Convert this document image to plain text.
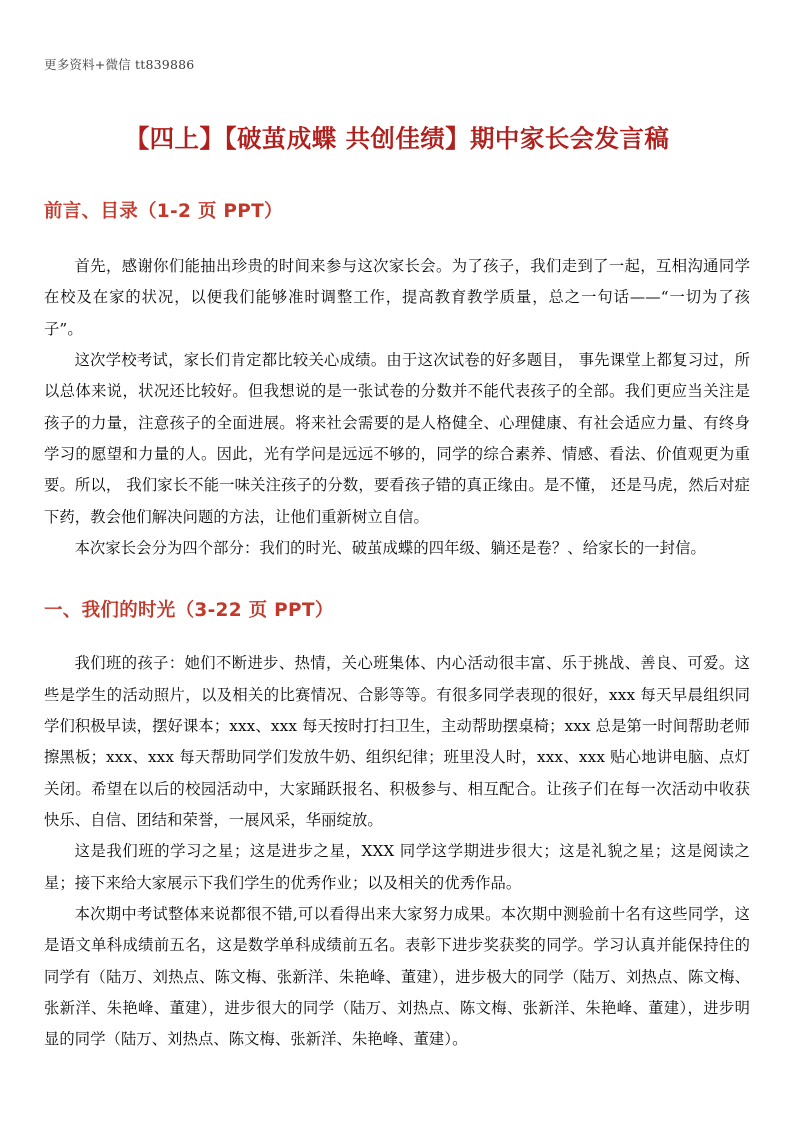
更多资料+微信 tt839886
【四上】【破茧成蝶 共创佳绩】期中家长会发言稿
前言、目录（1-2 页 PPT）

首先，感谢你们能抽出珍贵的时间来参与这次家长会。为了孩子，我们走到了一起，互相沟通同学在校及在家的状况，以便我们能够准时调整工作，提高教育教学质量，总之一句话——“一切为了孩子”。

这次学校考试，家长们肯定都比较关心成绩。由于这次试卷的好多题目， 事先课堂上都复习过，所以总体来说，状况还比较好。但我想说的是一张试卷的分数并不能代表孩子的全部。我们更应当关注是孩子的力量，注意孩子的全面进展。将来社会需要的是人格健全、心理健康、有社会适应力量、有终身学习的愿望和力量的人。因此，光有学问是远远不够的，同学的综合素养、情感、看法、价值观更为重要。所以， 我们家长不能一味关注孩子的分数，要看孩子错的真正缘由。是不懂， 还是马虎，然后对症下药，教会他们解决问题的方法，让他们重新树立自信。

本次家长会分为四个部分：我们的时光、破茧成蝶的四年级、躺还是卷？、给家长的一封信。

一、我们的时光（3-22 页 PPT）

我们班的孩子：她们不断进步、热情，关心班集体、内心活动很丰富、乐于挑战、善良、可爱。这些是学生的活动照片，以及相关的比赛情况、合影等等。有很多同学表现的很好，xxx 每天早晨组织同学们积极早读，摆好课本；xxx、xxx 每天按时打扫卫生，主动帮助摆桌椅；xxx 总是第一时间帮助老师擦黑板；xxx、xxx 每天帮助同学们发放牛奶、组织纪律；班里没人时，xxx、xxx 贴心地讲电脑、点灯关闭。希望在以后的校园活动中，大家踊跃报名、积极参与、相互配合。让孩子们在每一次活动中收获快乐、自信、团结和荣誉，一展风采，华丽绽放。

这是我们班的学习之星；这是进步之星，XXX 同学这学期进步很大；这是礼貌之星；这是阅读之星；接下来给大家展示下我们学生的优秀作业；以及相关的优秀作品。

本次期中考试整体来说都很不错,可以看得出来大家努力成果。本次期中测验前十名有这些同学，这是语文单科成绩前五名，这是数学单科成绩前五名。表彰下进步奖获奖的同学。学习认真并能保持住的同学有（陆万、刘热点、陈文梅、张新洋、朱艳峰、董建），进步极大的同学（陆万、刘热点、陈文梅、张新洋、朱艳峰、董建），进步很大的同学（陆万、刘热点、陈文梅、张新洋、朱艳峰、董建），进步明显的同学（陆万、刘热点、陈文梅、张新洋、朱艳峰、董建）。
